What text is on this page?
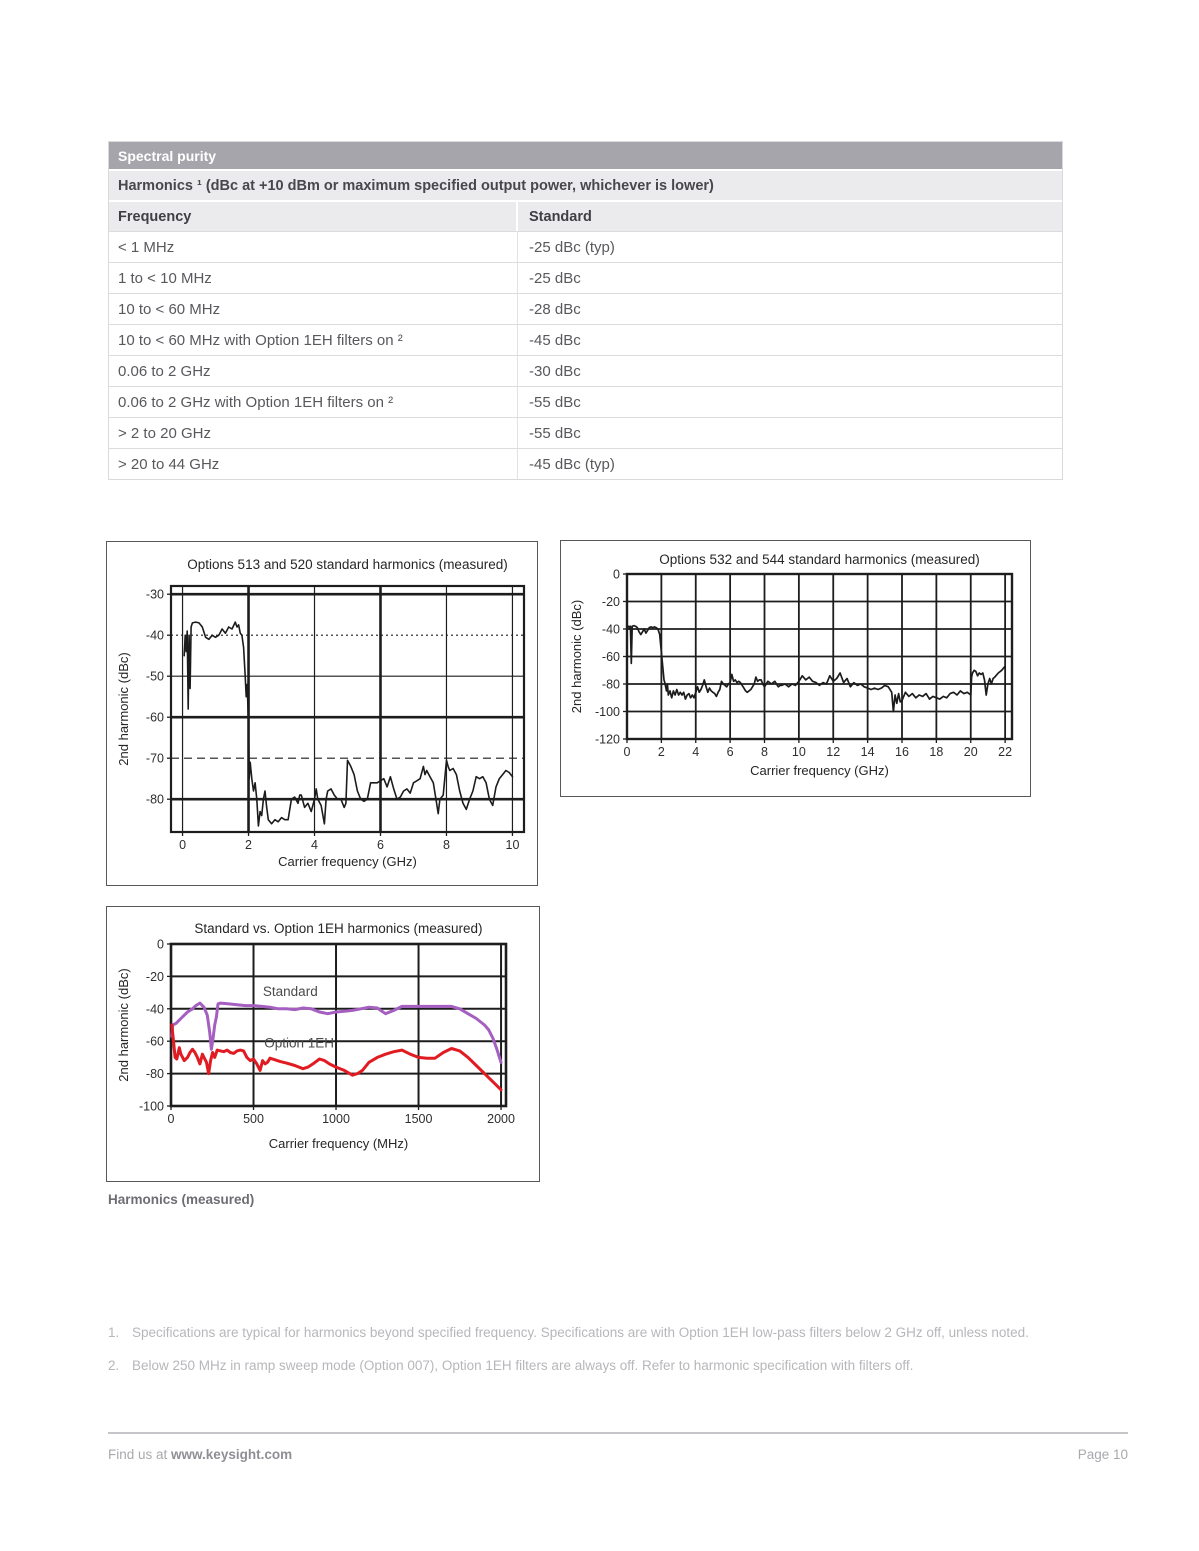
Spectral purity
Harmonics ¹ (dBc at +10 dBm or maximum specified output power, whichever is lower)
Frequency	Standard
< 1 MHz	-25 dBc (typ)
1 to < 10 MHz	-25 dBc
10 to < 60 MHz	-28 dBc
10 to < 60 MHz with Option 1EH filters on ²	-45 dBc
0.06 to 2 GHz	-30 dBc
0.06 to 2 GHz with Option 1EH filters on ²	-55 dBc
> 2 to 20 GHz	-55 dBc
> 20 to 44 GHz	-45 dBc (typ)
0	2	4	6	8	10
-30
-40
-50
-60
-70
-80
Options 513 and 520 standard harmonics (measured)
Carrier frequency (GHz)
2nd harmonic (dBc)	0 2 4 6 8 10 12 14 16 18 20 22
0
-20
-40
-60
-80
-100
-120
Options 532 and 544 standard harmonics (measured)
Carrier frequency (GHz)
2nd harmonic (dBc)
0	500	1000	1500	2000
0
-20
-40
-60
-80
-100
Standard
Option 1EH
Standard vs. Option 1EH harmonics (measured)
Carrier frequency (MHz)
2nd harmonic (dBc)
Harmonics (measured)
1. Specifications are typical for harmonics beyond specified frequency. Specifications are with Option 1EH low-pass filters below 2 GHz off, unless noted.
2. Below 250 MHz in ramp sweep mode (Option 007), Option 1EH filters are always off. Refer to harmonic specification with filters off.
Find us at www.keysight.com	Page 10
